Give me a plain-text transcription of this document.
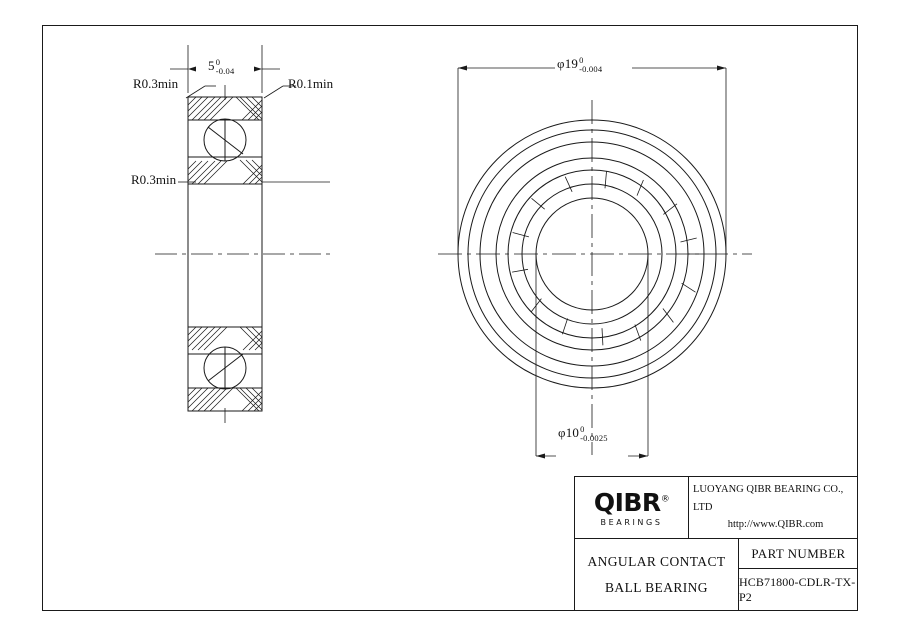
5 0
-0.04
φ19 0
-0.004
φ10 0
-0.0025
R0.3min	R0.1min
R0.3min
QIBR®
BEARINGS
LUOYANG QIBR BEARING CO., LTD
http://www.QIBR.com
ANGULAR CONTACT
BALL BEARING
PART NUMBER
HCB71800-CDLR-TX-P2
